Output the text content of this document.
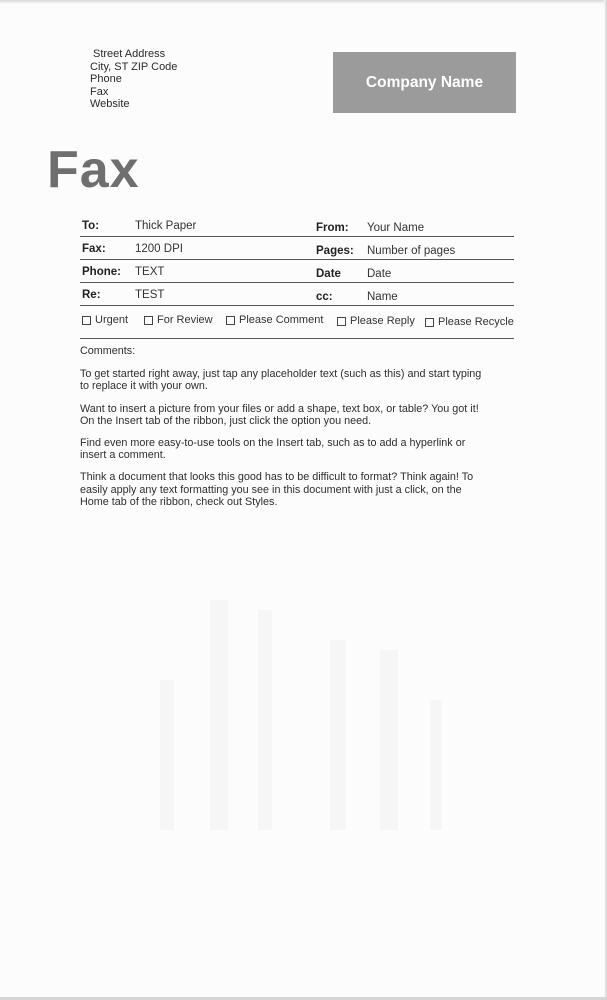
Street Address
City, ST ZIP Code
Phone
Fax
Website
Company Name
Fax
To:	Thick Paper	From: Your Name
Fax:	1200 DPI	Pages: Number of pages
Phone: TEXT	Date Date
Re:	TEST	cc:	Name
Urgent	For Review Please Comment Please Reply Please Recycle

Comments:

To get started right away, just tap any placeholder text (such as this) and start typing to replace it with your own.

Want to insert a picture from your files or add a shape, text box, or table? You got it! On the Insert tab of the ribbon, just click the option you need.

Find even more easy-to-use tools on the Insert tab, such as to add a hyperlink or insert a comment.

Think a document that looks this good has to be difficult to format? Think again! To easily apply any text formatting you see in this document with just a click, on the Home tab of the ribbon, check out Styles.
